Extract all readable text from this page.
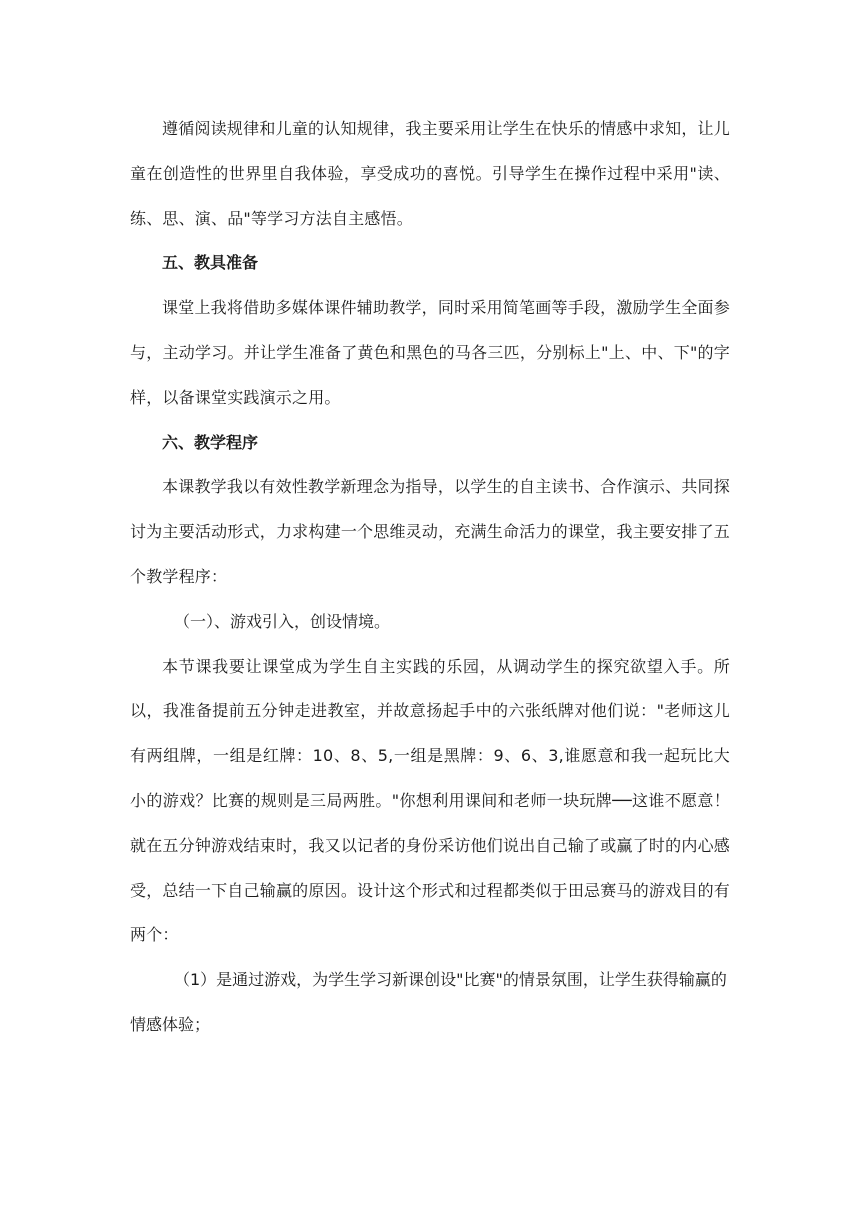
遵循阅读规律和儿童的认知规律，我主要采用让学生在快乐的情感中求知，让儿童在创造性的世界里自我体验，享受成功的喜悦。引导学生在操作过程中采用"读、练、思、演、品"等学习方法自主感悟。

五、教具准备

课堂上我将借助多媒体课件辅助教学，同时采用简笔画等手段，激励学生全面参与，主动学习。并让学生准备了黄色和黑色的马各三匹，分别标上"上、中、下"的字样，以备课堂实践演示之用。

六、教学程序

本课教学我以有效性教学新理念为指导，以学生的自主读书、合作演示、共同探讨为主要活动形式，力求构建一个思维灵动，充满生命活力的课堂，我主要安排了五个教学程序：

（一）、游戏引入，创设情境。

本节课我要让课堂成为学生自主实践的乐园，从调动学生的探究欲望入手。所以，我准备提前五分钟走进教室，并故意扬起手中的六张纸牌对他们说："老师这儿有两组牌，一组是红牌：10、8、5,一组是黑牌：9、6、3,谁愿意和我一起玩比大小的游戏？比赛的规则是三局两胜。"你想利用课间和老师一块玩牌──这谁不愿意！就在五分钟游戏结束时，我又以记者的身份采访他们说出自己输了或赢了时的内心感受，总结一下自己输赢的原因。设计这个形式和过程都类似于田忌赛马的游戏目的有两个：

（1）是通过游戏，为学生学习新课创设"比赛"的情景氛围，让学生获得输赢的情感体验；
